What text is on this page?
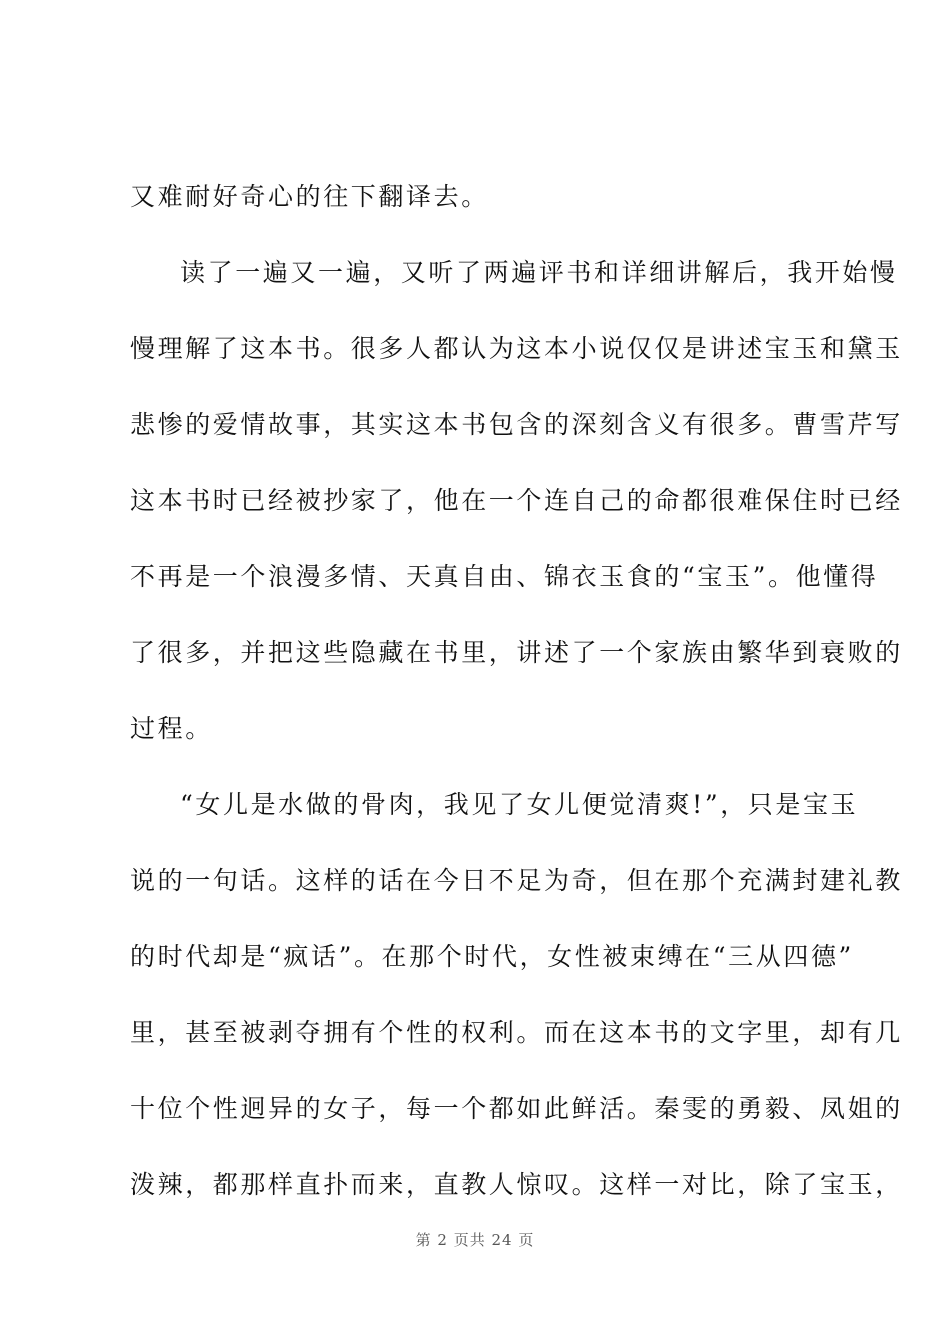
又难耐好奇心的往下翻译去。
读了一遍又一遍，又听了两遍评书和详细讲解后，我开始慢
慢理解了这本书。很多人都认为这本小说仅仅是讲述宝玉和黛玉
悲惨的爱情故事，其实这本书包含的深刻含义有很多。曹雪芹写
这本书时已经被抄家了，他在一个连自己的命都很难保住时已经
不再是一个浪漫多情、天真自由、锦衣玉食的“宝玉”。他懂得
了很多，并把这些隐藏在书里，讲述了一个家族由繁华到衰败的
过程。
“女儿是水做的骨肉，我见了女儿便觉清爽!”，只是宝玉
说的一句话。这样的话在今日不足为奇，但在那个充满封建礼教
的时代却是“疯话”。在那个时代，女性被束缚在“三从四德”
里，甚至被剥夺拥有个性的权利。而在这本书的文字里，却有几
十位个性迥异的女子，每一个都如此鲜活。秦雯的勇毅、凤姐的
泼辣，都那样直扑而来，直教人惊叹。这样一对比，除了宝玉，
第 2 页共 24 页
